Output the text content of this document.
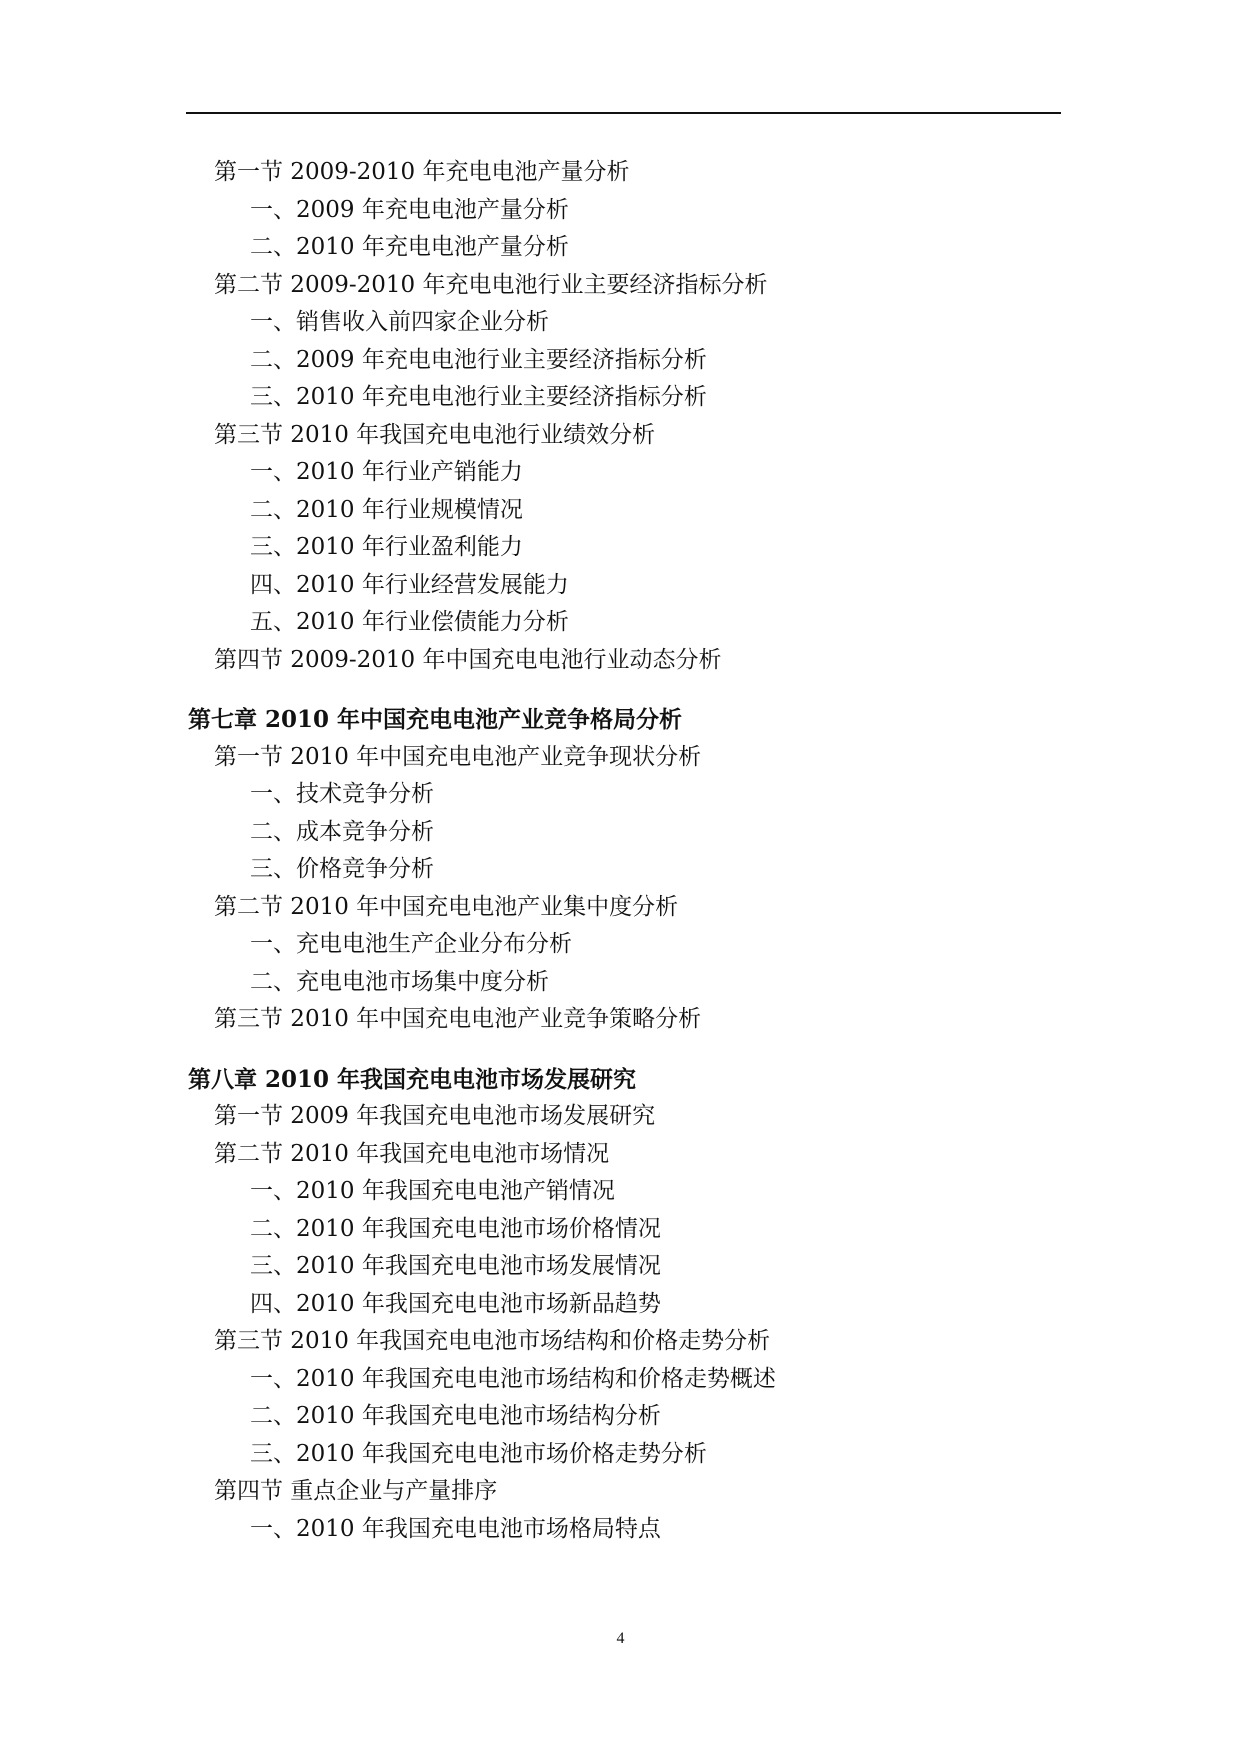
第一节 2009-2010 年充电电池产量分析
一、2009 年充电电池产量分析
二、2010 年充电电池产量分析
第二节 2009-2010 年充电电池行业主要经济指标分析
一、销售收入前四家企业分析
二、2009 年充电电池行业主要经济指标分析
三、2010 年充电电池行业主要经济指标分析
第三节 2010 年我国充电电池行业绩效分析
一、2010 年行业产销能力
二、2010 年行业规模情况
三、2010 年行业盈利能力
四、2010 年行业经营发展能力
五、2010 年行业偿债能力分析
第四节 2009-2010 年中国充电电池行业动态分析
第七章 2010 年中国充电电池产业竞争格局分析
第一节 2010 年中国充电电池产业竞争现状分析
一、技术竞争分析
二、成本竞争分析
三、价格竞争分析
第二节 2010 年中国充电电池产业集中度分析
一、充电电池生产企业分布分析
二、充电电池市场集中度分析
第三节 2010 年中国充电电池产业竞争策略分析
第八章 2010 年我国充电电池市场发展研究
第一节 2009 年我国充电电池市场发展研究
第二节 2010 年我国充电电池市场情况
一、2010 年我国充电电池产销情况
二、2010 年我国充电电池市场价格情况
三、2010 年我国充电电池市场发展情况
四、2010 年我国充电电池市场新品趋势
第三节 2010 年我国充电电池市场结构和价格走势分析
一、2010 年我国充电电池市场结构和价格走势概述
二、2010 年我国充电电池市场结构分析
三、2010 年我国充电电池市场价格走势分析
第四节 重点企业与产量排序
一、2010 年我国充电电池市场格局特点
4
